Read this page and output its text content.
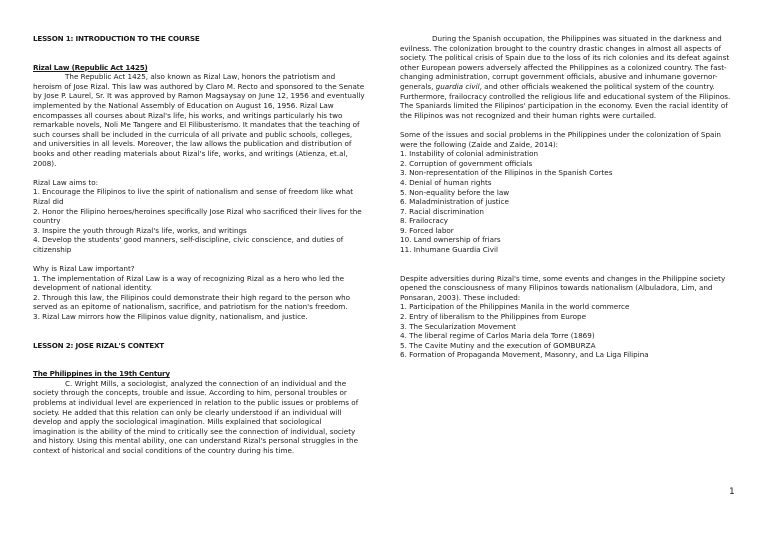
LESSON 1: INTRODUCTION TO THE COURSE

Rizal Law (Republic Act 1425)

The Republic Act 1425, also known as Rizal Law, honors the patriotism and heroism of Jose Rizal. This law was authored by Claro M. Recto and sponsored to the Senate by Jose P. Laurel, Sr. It was approved by Ramon Magsaysay on June 12, 1956 and eventually implemented by the National Assembly of Education on August 16, 1956. Rizal Law encompasses all courses about Rizal's life, his works, and writings particularly his two remarkable novels, Noli Me Tangere and El Filibusterismo. It mandates that the teaching of such courses shall be included in the curricula of all private and public schools, colleges, and universities in all levels. Moreover, the law allows the publication and distribution of books and other reading materials about Rizal's life, works, and writings (Atienza, et.al, 2008).

Rizal Law aims to:

1. Encourage the Filipinos to live the spirit of nationalism and sense of freedom like what Rizal did
2. Honor the Filipino heroes/heroines specifically Jose Rizal who sacrificed their lives for the country
3. Inspire the youth through Rizal's life, works, and writings
4. Develop the students' good manners, self-discipline, civic conscience, and duties of citizenship

Why is Rizal Law important?

1. The implementation of Rizal Law is a way of recognizing Rizal as a hero who led the development of national identity.
2. Through this law, the Filipinos could demonstrate their high regard to the person who served as an epitome of nationalism, sacrifice, and patriotism for the nation's freedom.
3. Rizal Law mirrors how the Filipinos value dignity, nationalism, and justice.

LESSON 2: JOSE RIZAL'S CONTEXT

The Philippines in the 19th Century

C. Wright Mills, a sociologist, analyzed the connection of an individual and the society through the concepts, trouble and issue. According to him, personal troubles or problems at individual level are experienced in relation to the public issues or problems of society. He added that this relation can only be clearly understood if an individual will develop and apply the sociological imagination. Mills explained that sociological imagination is the ability of the mind to critically see the connection of individual, society and history. Using this mental ability, one can understand Rizal's personal struggles in the context of historical and social conditions of the country during his time.

During the Spanish occupation, the Philippines was situated in the darkness and evilness. The colonization brought to the country drastic changes in almost all aspects of society. The political crisis of Spain due to the loss of its rich colonies and its defeat against other European powers adversely affected the Philippines as a colonized country. The fast-changing administration, corrupt government officials, abusive and inhumane governor-generals, guardia civil, and other officials weakened the political system of the country. Furthermore, frailocracy controlled the religious life and educational system of the Filipinos. The Spaniards limited the Filipinos' participation in the economy. Even the racial identity of the Filipinos was not recognized and their human rights were curtailed.

Some of the issues and social problems in the Philippines under the colonization of Spain were the following (Zaide and Zaide, 2014):

1. Instability of colonial administration
2. Corruption of government officials
3. Non-representation of the Filipinos in the Spanish Cortes
4. Denial of human rights
5. Non-equality before the law
6. Maladministration of justice
7. Racial discrimination
8. Frailocracy
9. Forced labor
10. Land ownership of friars
11. Inhumane Guardia Civil

Despite adversities during Rizal's time, some events and changes in the Philippine society opened the consciousness of many Filipinos towards nationalism (Albuladora, Lim, and Ponsaran, 2003). These included:

1. Participation of the Philippines Manila in the world commerce
2. Entry of liberalism to the Philippines from Europe
3. The Secularization Movement
4. The liberal regime of Carlos Maria dela Torre (1869)
5. The Cavite Mutiny and the execution of GOMBURZA
6. Formation of Propaganda Movement, Masonry, and La Liga Filipina
1
